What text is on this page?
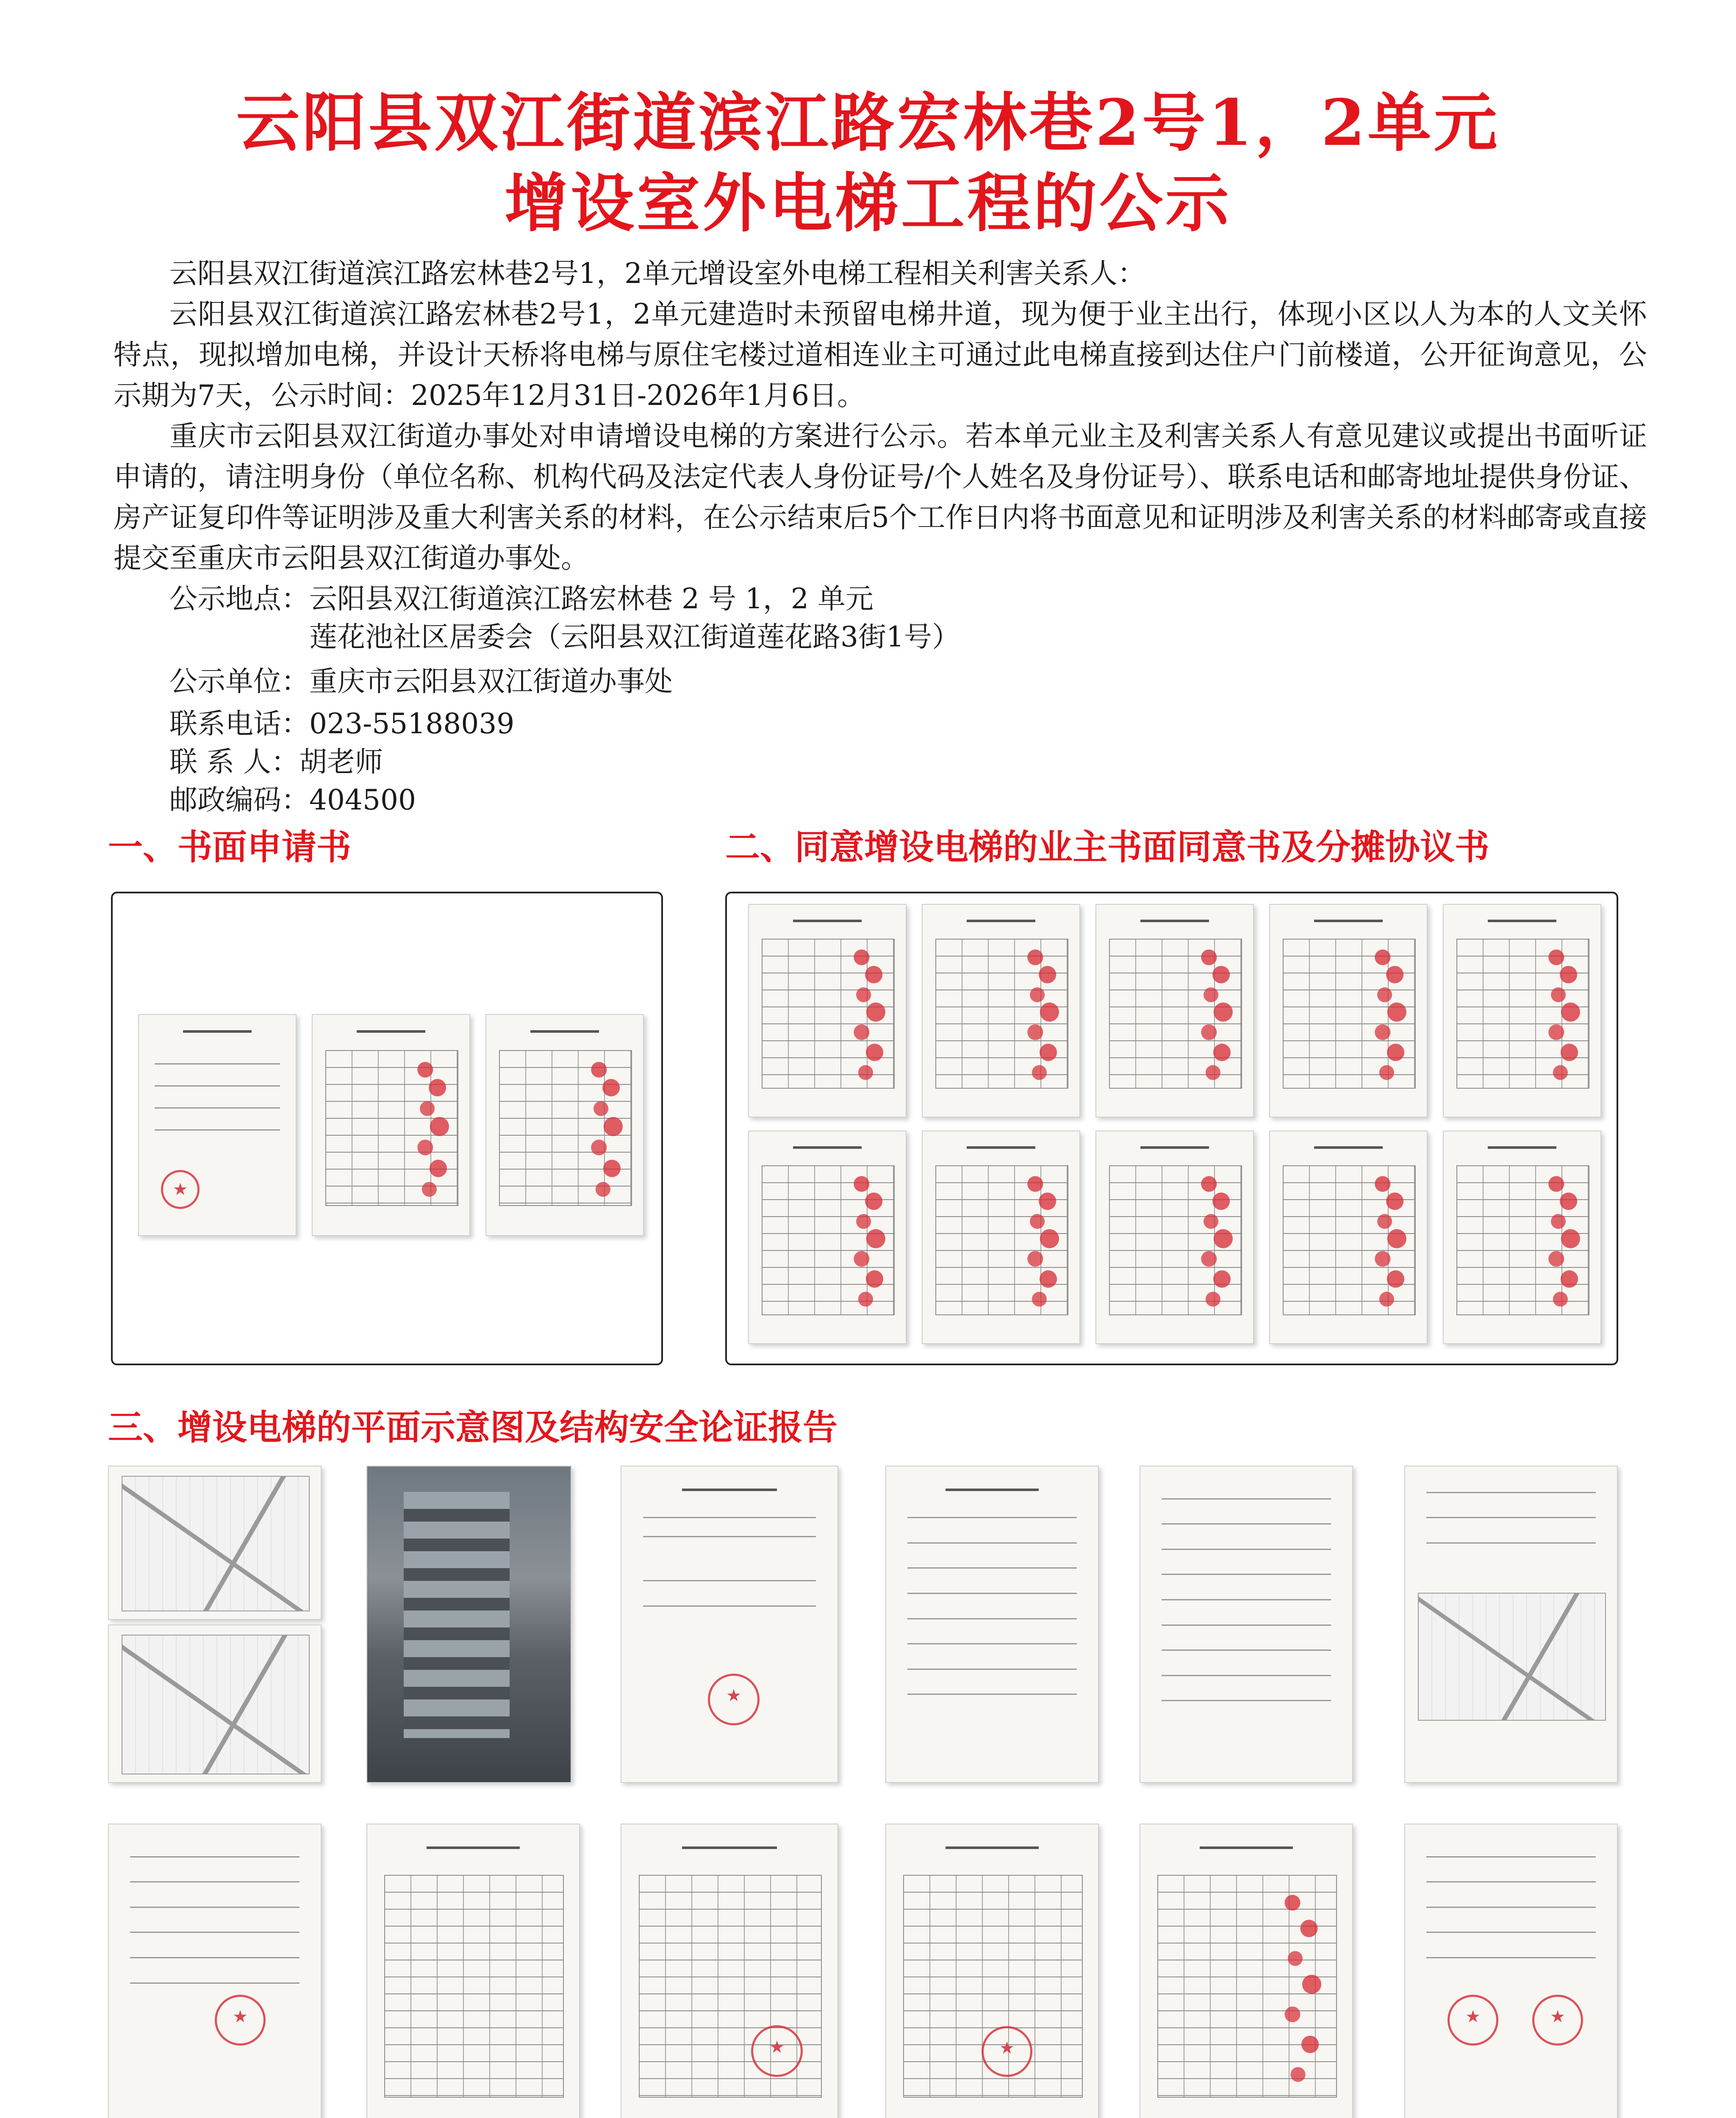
云阳县双江街道滨江路宏林巷2号1，2单元
增设室外电梯工程的公示

云阳县双江街道滨江路宏林巷2号1，2单元增设室外电梯工程相关利害关系人：

云阳县双江街道滨江路宏林巷2号1，2单元建造时未预留电梯井道，现为便于业主出行，体现小区以人为本的人文关怀特点，现拟增加电梯，并设计天桥将电梯与原住宅楼过道相连业主可通过此电梯直接到达住户门前楼道，公开征询意见，公示期为7天，公示时间：2025年12月31日-2026年1月6日。

重庆市云阳县双江街道办事处对申请增设电梯的方案进行公示。若本单元业主及利害关系人有意见建议或提出书面听证申请的，请注明身份（单位名称、机构代码及法定代表人身份证号/个人姓名及身份证号）、联系电话和邮寄地址提供身份证、房产证复印件等证明涉及重大利害关系的材料，在公示结束后5个工作日内将书面意见和证明涉及利害关系的材料邮寄或直接提交至重庆市云阳县双江街道办事处。

公示地点：云阳县双江街道滨江路宏林巷 2 号 1，2 单元
莲花池社区居委会（云阳县双江街道莲花路3街1号）
公示单位：重庆市云阳县双江街道办事处
联系电话：023-55188039
联 系 人：胡老师
邮政编码：404500
一、书面申请书	二、同意增设电梯的业主书面同意书及分摊协议书
★
三、增设电梯的平面示意图及结构安全论证报告
★
★
★
★
★
★
